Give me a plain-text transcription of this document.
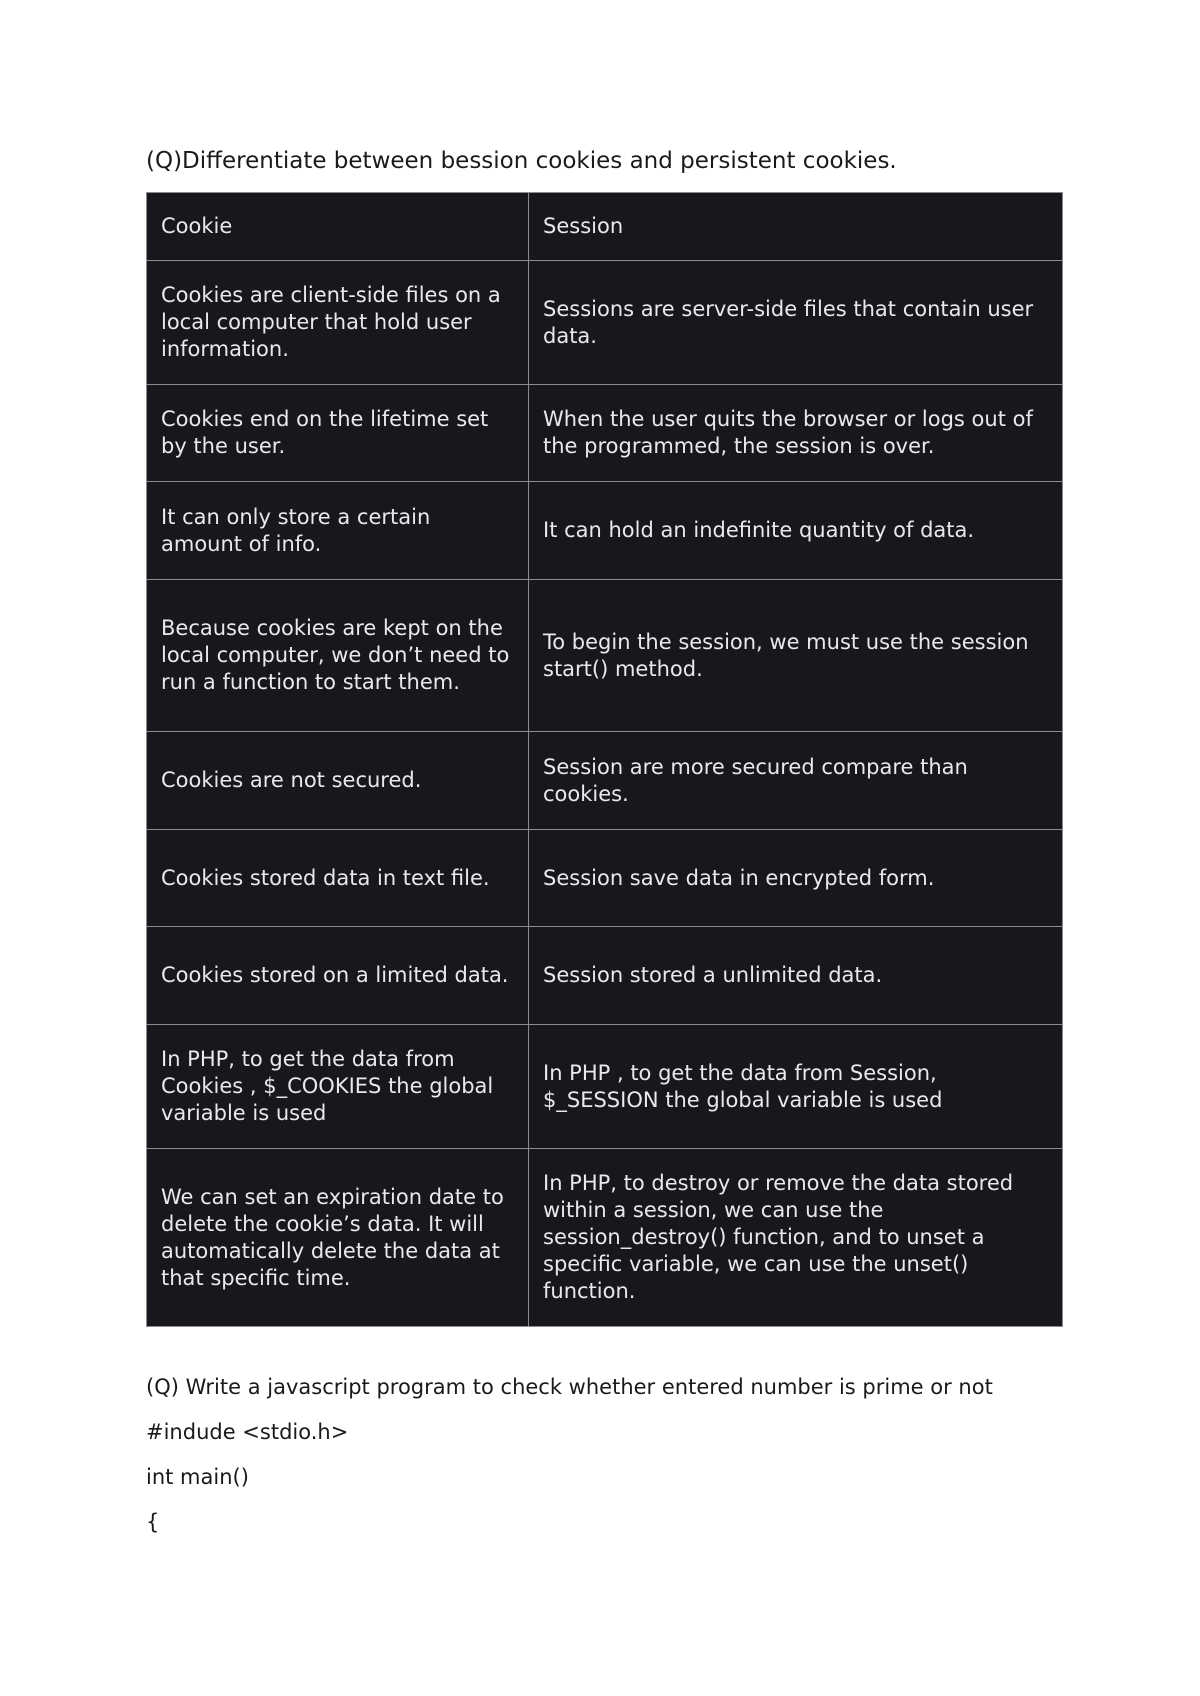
(Q)Differentiate between bession cookies and persistent cookies.
Cookie	Session
Cookies are client-side files on a local computer that hold user information.	Sessions are server-side files that contain user data.
Cookies end on the lifetime set by the user.	When the user quits the browser or logs out of the programmed, the session is over.
It can only store a certain amount of info.	It can hold an indefinite quantity of data.
Because cookies are kept on the local computer, we don’t need to run a function to start them.	To begin the session, we must use the session start() method.
Cookies are not secured.	Session are more secured compare than cookies.
Cookies stored data in text file.	Session save data in encrypted form.
Cookies stored on a limited data.	Session stored a unlimited data.
In PHP, to get the data from Cookies , $_COOKIES the global variable is used	In PHP , to get the data from Session, $_SESSION the global variable is used
We can set an expiration date to delete the cookie’s data. It will automatically delete the data at that specific time.	In PHP, to destroy or remove the data stored within a session, we can use the session_destroy() function, and to unset a specific variable, we can use the unset() function.
(Q) Write a javascript program to check whether entered number is prime or not
#indude <stdio.h>
int main()
{
